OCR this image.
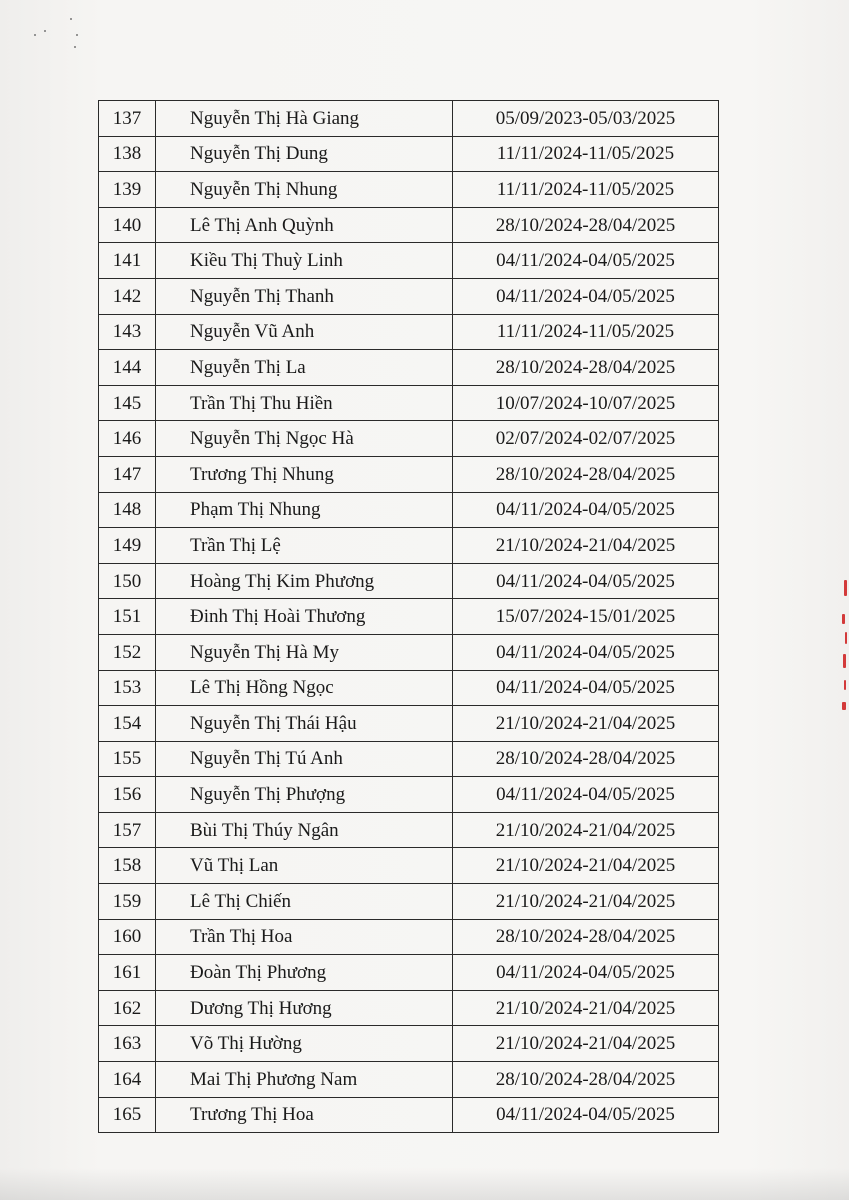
137	Nguyễn Thị Hà Giang	05/09/2023-05/03/2025
138	Nguyễn Thị Dung	11/11/2024-11/05/2025
139	Nguyễn Thị Nhung	11/11/2024-11/05/2025
140	Lê Thị Anh Quỳnh	28/10/2024-28/04/2025
141	Kiều Thị Thuỳ Linh	04/11/2024-04/05/2025
142	Nguyễn Thị Thanh	04/11/2024-04/05/2025
143	Nguyễn Vũ Anh	11/11/2024-11/05/2025
144	Nguyễn Thị La	28/10/2024-28/04/2025
145	Trần Thị Thu Hiền	10/07/2024-10/07/2025
146	Nguyễn Thị Ngọc Hà	02/07/2024-02/07/2025
147	Trương Thị Nhung	28/10/2024-28/04/2025
148	Phạm Thị Nhung	04/11/2024-04/05/2025
149	Trần Thị Lệ	21/10/2024-21/04/2025
150	Hoàng Thị Kim Phương	04/11/2024-04/05/2025
151	Đinh Thị Hoài Thương	15/07/2024-15/01/2025
152	Nguyễn Thị Hà My	04/11/2024-04/05/2025
153	Lê Thị Hồng Ngọc	04/11/2024-04/05/2025
154	Nguyễn Thị Thái Hậu	21/10/2024-21/04/2025
155	Nguyễn Thị Tú Anh	28/10/2024-28/04/2025
156	Nguyễn Thị Phượng	04/11/2024-04/05/2025
157	Bùi Thị Thúy Ngân	21/10/2024-21/04/2025
158	Vũ Thị Lan	21/10/2024-21/04/2025
159	Lê Thị Chiến	21/10/2024-21/04/2025
160	Trần Thị Hoa	28/10/2024-28/04/2025
161	Đoàn Thị Phương	04/11/2024-04/05/2025
162	Dương Thị Hương	21/10/2024-21/04/2025
163	Võ Thị Hường	21/10/2024-21/04/2025
164	Mai Thị Phương Nam	28/10/2024-28/04/2025
165	Trương Thị Hoa	04/11/2024-04/05/2025
